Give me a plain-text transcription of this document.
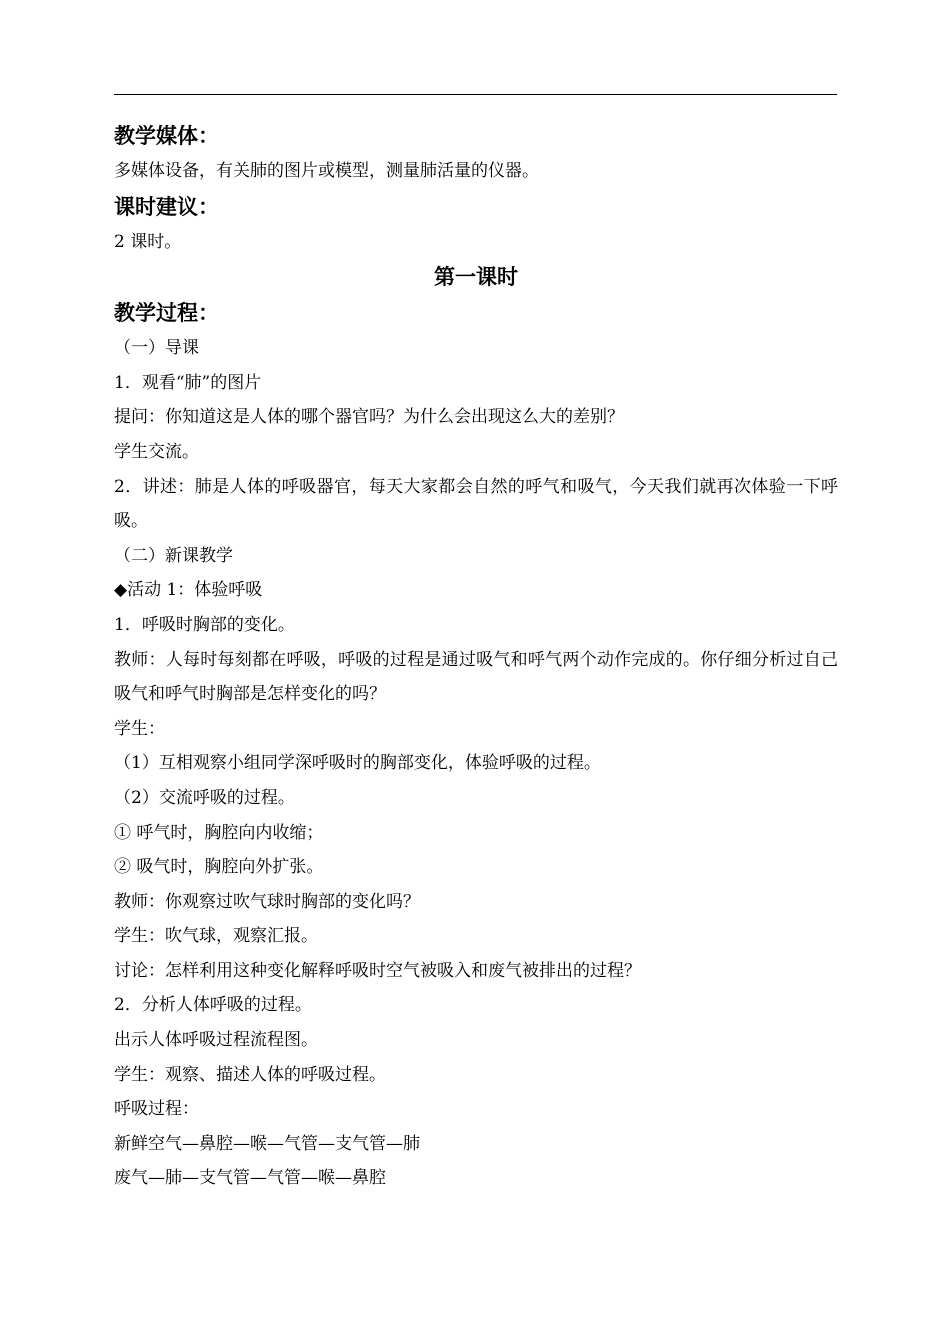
教学媒体：

多媒体设备，有关肺的图片或模型，测量肺活量的仪器。

课时建议：

2 课时。

第一课时

教学过程：

（一）导课

1．观看“肺”的图片

提问：你知道这是人体的哪个器官吗？为什么会出现这么大的差别？

学生交流。

2．讲述：肺是人体的呼吸器官，每天大家都会自然的呼气和吸气，今天我们就再次体验一下呼吸。

（二）新课教学

◆活动 1：体验呼吸

1．呼吸时胸部的变化。

教师：人每时每刻都在呼吸，呼吸的过程是通过吸气和呼气两个动作完成的。你仔细分析过自己吸气和呼气时胸部是怎样变化的吗？

学生：

（1）互相观察小组同学深呼吸时的胸部变化，体验呼吸的过程。

（2）交流呼吸的过程。

① 呼气时，胸腔向内收缩；

② 吸气时，胸腔向外扩张。

教师：你观察过吹气球时胸部的变化吗？

学生：吹气球，观察汇报。

讨论：怎样利用这种变化解释呼吸时空气被吸入和废气被排出的过程？

2．分析人体呼吸的过程。

出示人体呼吸过程流程图。

学生：观察、描述人体的呼吸过程。

呼吸过程：

新鲜空气—鼻腔—喉—气管—支气管—肺

废气—肺—支气管—气管—喉—鼻腔
